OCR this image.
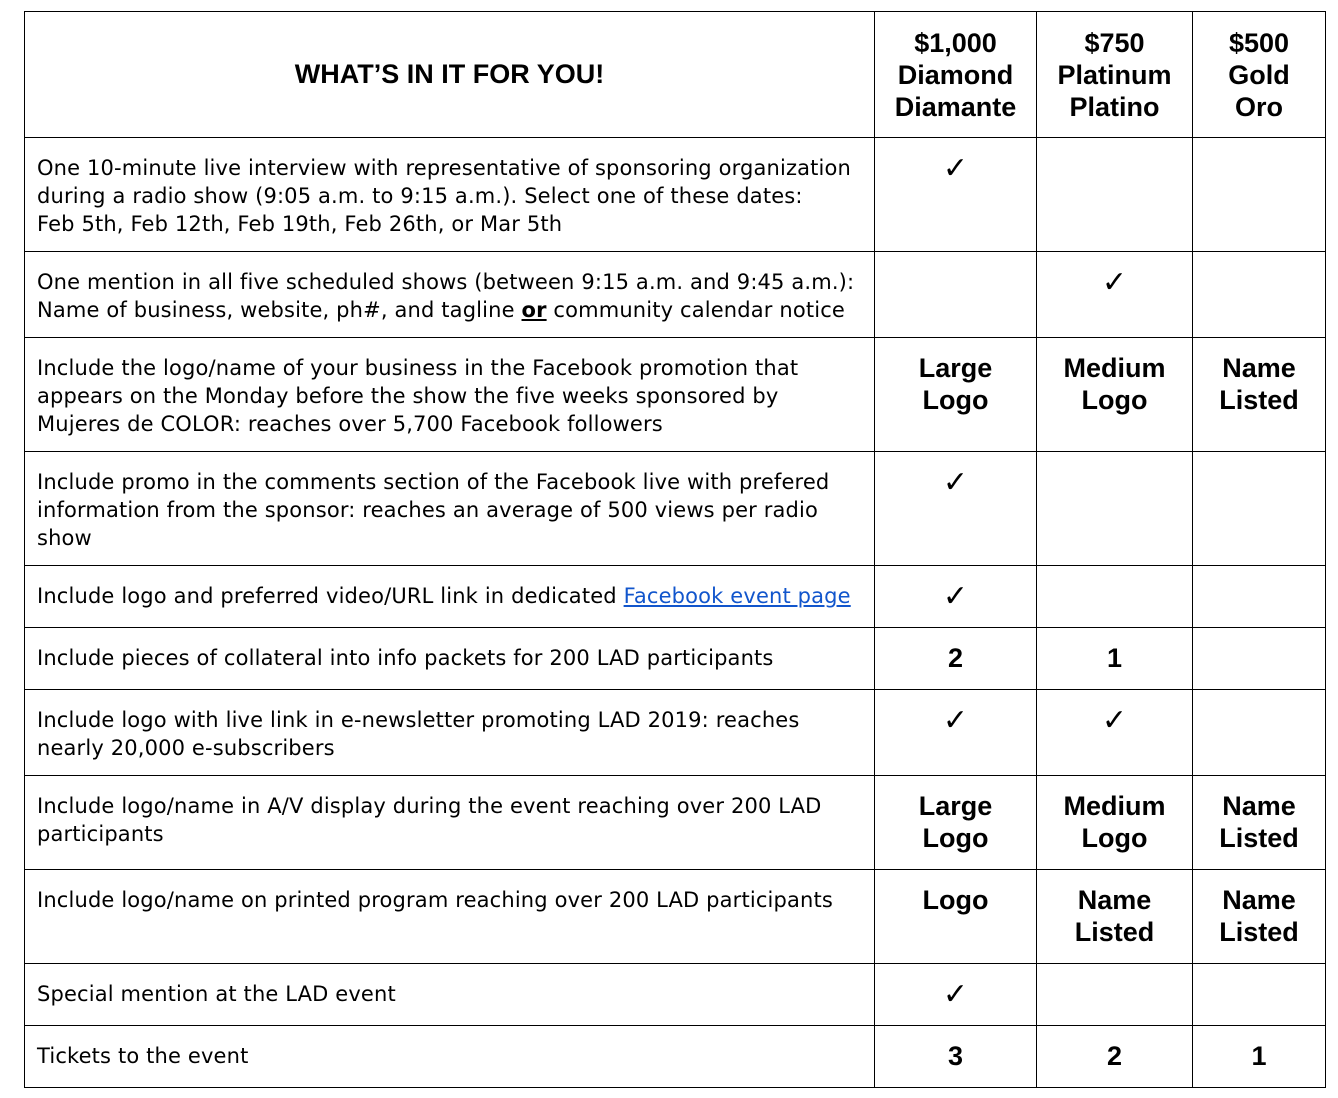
WHAT’S IN IT FOR YOU!	$1,000
Diamond
Diamante	$750
Platinum
Platino	$500
Gold
Oro

One 10-minute live interview with representative of sponsoring organization
during a radio show (9:05 a.m. to 9:15 a.m.). Select one of these dates:
Feb 5th, Feb 12th, Feb 19th, Feb 26th, or Mar 5th	✓		

One mention in all five scheduled shows (between 9:15 a.m. and 9:45 a.m.):
Name of business, website, ph#, and tagline or community calendar notice		✓	

Include the logo/name of your business in the Facebook promotion that
appears on the Monday before the show the five weeks sponsored by
Mujeres de COLOR: reaches over 5,700 Facebook followers	Large
Logo	Medium
Logo	Name
Listed

Include promo in the comments section of the Facebook live with prefered
information from the sponsor: reaches an average of 500 views per radio
show	✓		

Include logo and preferred video/URL link in dedicated Facebook event page	✓		

Include pieces of collateral into info packets for 200 LAD participants	2	1	

Include logo with live link in e-newsletter promoting LAD 2019: reaches
nearly 20,000 e-subscribers	✓	✓	

Include logo/name in A/V display during the event reaching over 200 LAD
participants	Large
Logo	Medium
Logo	Name
Listed

Include logo/name on printed program reaching over 200 LAD participants	Logo	Name
Listed	Name
Listed

Special mention at the LAD event	✓		

Tickets to the event	3	2	1
